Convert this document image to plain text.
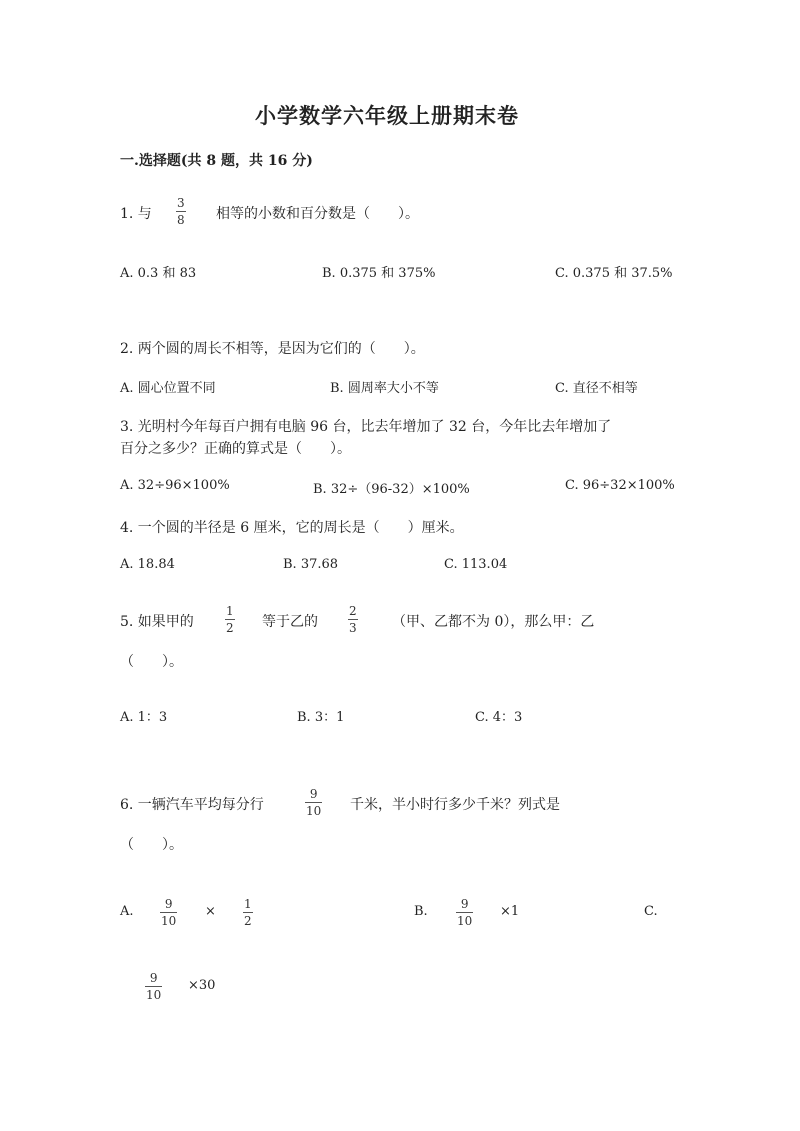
小学数学六年级上册期末卷
一.选择题(共 8 题，共 16 分)
1. 与
3
8 相等的小数和百分数是（　　）。
A. 0.3 和 83	B. 0.375 和 375%	C. 0.375 和 37.5%
2. 两个圆的周长不相等，是因为它们的（　　）。
A. 圆心位置不同	B. 圆周率大小不等	C. 直径不相等
3. 光明村今年每百户拥有电脑 96 台，比去年增加了 32 台，今年比去年增加了
百分之多少？正确的算式是（　　）。
A. 32÷96×100%	B. 32÷（96-32）×100%	C. 96÷32×100%
4. 一个圆的半径是 6 厘米，它的周长是（　　）厘米。
A. 18.84	B. 37.68	C. 113.04
5. 如果甲的
1
2 等于乙的
2
3	（甲、乙都不为 0），那么甲：乙
（　　）。
A. 1：3	B. 3：1	C. 4：3
6. 一辆汽车平均每分行
9
10 千米，半小时行多少千米？列式是
（　　）。
A.	9
10
× 1
2
B.	9
10
×1	C.
9
10
×30
